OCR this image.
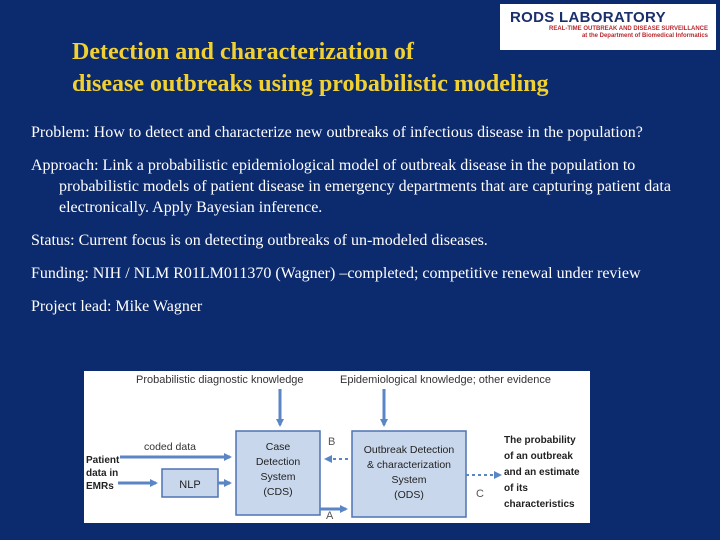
RODS LABORATORY
REAL-TIME OUTBREAK AND DISEASE SURVEILLANCE
at the Department of Biomedical Informatics
Detection and characterization of
disease outbreaks using probabilistic modeling
Problem: How to detect and characterize new outbreaks of infectious disease in the population?
Approach: Link a probabilistic epidemiological model of outbreak disease in the population to probabilistic models of patient disease in emergency departments that are capturing patient data electronically. Apply Bayesian inference.
Status: Current focus is on detecting outbreaks of un-modeled diseases.
Funding: NIH / NLM R01LM011370 (Wagner) –completed; competitive renewal under review
Project lead: Mike Wagner
Probabilistic diagnostic knowledge	Epidemiological knowledge; other evidence
coded data
Patient
data in
EMRs	NLP
Case
Detection
System
(CDS)
B
A
Outbreak Detection
& characterization
System
(ODS)	C
The probability
of an outbreak
and an estimate
of its
characteristics
